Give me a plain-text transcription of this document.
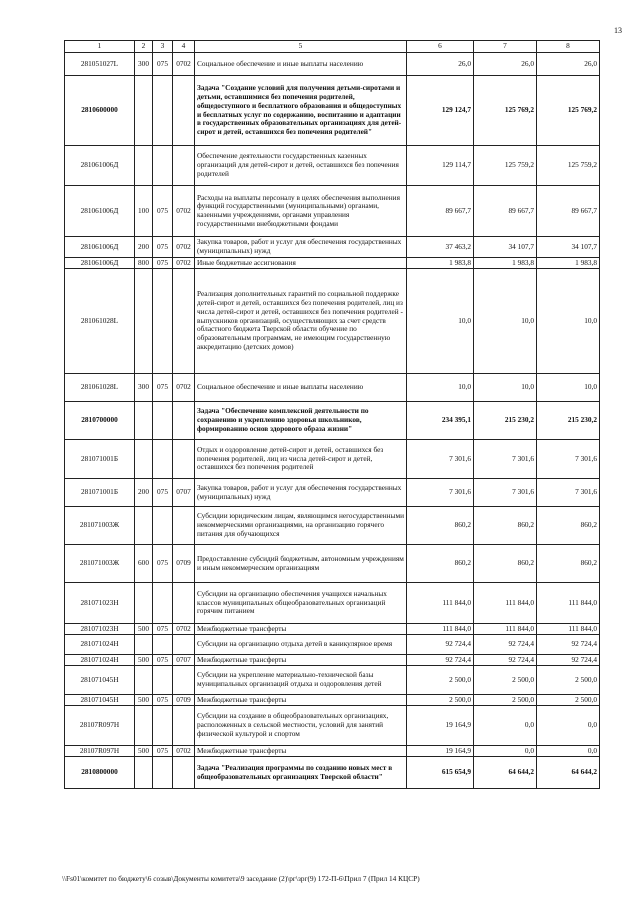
13
1	2	3	4	5	6	7	8
281051027L	300	075	0702	Социальное обеспечение и иные выплаты населению	26,0	26,0	26,0
2810600000				Задача "Создание условий для получения детьми-сиротами и детьми, оставшимися без попечения родителей, общедоступного и бесплатного образования и общедоступных и бесплатных услуг по содержанию, воспитанию и адаптации в государственных образовательных организациях для детей-сирот и детей, оставшихся без попечения родителей"	129 124,7	125 769,2	125 769,2
281061006Д				Обеспечение деятельности государственных казенных организаций для детей-сирот и детей, оставшихся без попечения родителей	129 114,7	125 759,2	125 759,2
281061006Д	100	075	0702	Расходы на выплаты персоналу в целях обеспечения выполнения функций государственными (муниципальными) органами, казенными учреждениями, органами управления государственными внебюджетными фондами	89 667,7	89 667,7	89 667,7
281061006Д	200	075	0702	Закупка товаров, работ и услуг для обеспечения государственных (муниципальных) нужд	37 463,2	34 107,7	34 107,7
281061006Д	800	075	0702	Иные бюджетные ассигнования	1 983,8	1 983,8	1 983,8
281061028L				Реализация дополнительных гарантий по социальной поддержке детей-сирот и детей, оставшихся без попечения родителей, лиц из числа детей-сирот и детей, оставшихся без попечения родителей - выпускников организаций, осуществляющих за счет средств областного бюджета Тверской области обучение по образовательным программам, не имеющим государственную аккредитацию (детских домов)	10,0	10,0	10,0
281061028L	300	075	0702	Социальное обеспечение и иные выплаты населению	10,0	10,0	10,0
2810700000				Задача "Обеспечение комплексной деятельности по сохранению и укреплению здоровья школьников, формированию основ здорового образа жизни"	234 395,1	215 230,2	215 230,2
281071001Б				Отдых и оздоровление детей-сирот и детей, оставшихся без попечения родителей, лиц из числа детей-сирот и детей, оставшихся без попечения родителей	7 301,6	7 301,6	7 301,6
281071001Б	200	075	0707	Закупка товаров, работ и услуг для обеспечения государственных (муниципальных) нужд	7 301,6	7 301,6	7 301,6
281071003Ж				Субсидии юридическим лицам, являющимся негосударственными некоммерческими организациями, на организацию горячего питания для обучающихся	860,2	860,2	860,2
281071003Ж	600	075	0709	Предоставление субсидий бюджетным, автономным учреждениям и иным некоммерческим организациям	860,2	860,2	860,2
281071023Н				Субсидии на организацию обеспечения учащихся начальных классов муниципальных общеобразовательных организаций горячим питанием	111 844,0	111 844,0	111 844,0
281071023Н	500	075	0702	Межбюджетные трансферты	111 844,0	111 844,0	111 844,0
281071024Н				Субсидии на организацию отдыха детей в каникулярное время	92 724,4	92 724,4	92 724,4
281071024Н	500	075	0707	Межбюджетные трансферты	92 724,4	92 724,4	92 724,4
281071045Н				Субсидии на укрепление материально-технической базы муниципальных организаций отдыха и оздоровления детей	2 500,0	2 500,0	2 500,0
281071045Н	500	075	0709	Межбюджетные трансферты	2 500,0	2 500,0	2 500,0
28107R097Н				Субсидии на создание в общеобразовательных организациях, расположенных в сельской местности, условий для занятий физической культурой и спортом	19 164,9	0,0	0,0
28107R097Н	500	075	0702	Межбюджетные трансферты	19 164,9	0,0	0,0
2810800000				Задача "Реализация программы по созданию новых мест в общеобразовательных организациях Тверской области"	615 654,9	64 644,2	64 644,2
\\Fs01\комитет по бюджету\6 созыв\Документы комитета\9 заседание (2)\рг\зрг(9) 172-П-6\Прил 7 (Прил 14 КЦСР)
